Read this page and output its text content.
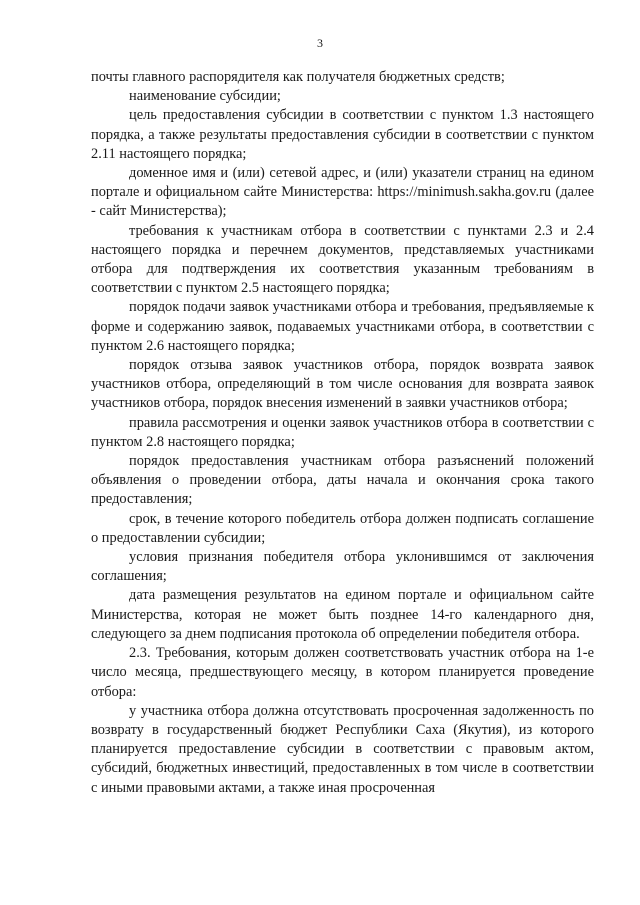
3

почты главного распорядителя как получателя бюджетных средств;

наименование субсидии;

цель предоставления субсидии в соответствии с пунктом 1.3 настоящего порядка, а также результаты предоставления субсидии в соответствии с пунктом 2.11 настоящего порядка;

доменное имя и (или) сетевой адрес, и (или) указатели страниц на едином портале и официальном сайте Министерства: https://minimush.sakha.gov.ru (далее - сайт Министерства);

требования к участникам отбора в соответствии с пунктами 2.3 и 2.4 настоящего порядка и перечнем документов, представляемых участниками отбора для подтверждения их соответствия указанным требованиям в соответствии с пунктом 2.5 настоящего порядка;

порядок подачи заявок участниками отбора и требования, предъявляемые к форме и содержанию заявок, подаваемых участниками отбора, в соответствии с пунктом 2.6 настоящего порядка;

порядок отзыва заявок участников отбора, порядок возврата заявок участников отбора, определяющий в том числе основания для возврата заявок участников отбора, порядок внесения изменений в заявки участников отбора;

правила рассмотрения и оценки заявок участников отбора в соответствии с пунктом 2.8 настоящего порядка;

порядок предоставления участникам отбора разъяснений положений объявления о проведении отбора, даты начала и окончания срока такого предоставления;

срок, в течение которого победитель отбора должен подписать соглашение о предоставлении субсидии;

условия признания победителя отбора уклонившимся от заключения соглашения;

дата размещения результатов на едином портале и официальном сайте Министерства, которая не может быть позднее 14-го календарного дня, следующего за днем подписания протокола об определении победителя отбора.

2.3. Требования, которым должен соответствовать участник отбора на 1-е число месяца, предшествующего месяцу, в котором планируется проведение отбора:

у участника отбора должна отсутствовать просроченная задолженность по возврату в государственный бюджет Республики Саха (Якутия), из которого планируется предоставление субсидии в соответствии с правовым актом, субсидий, бюджетных инвестиций, предоставленных в том числе в соответствии с иными правовыми актами, а также иная просроченная
